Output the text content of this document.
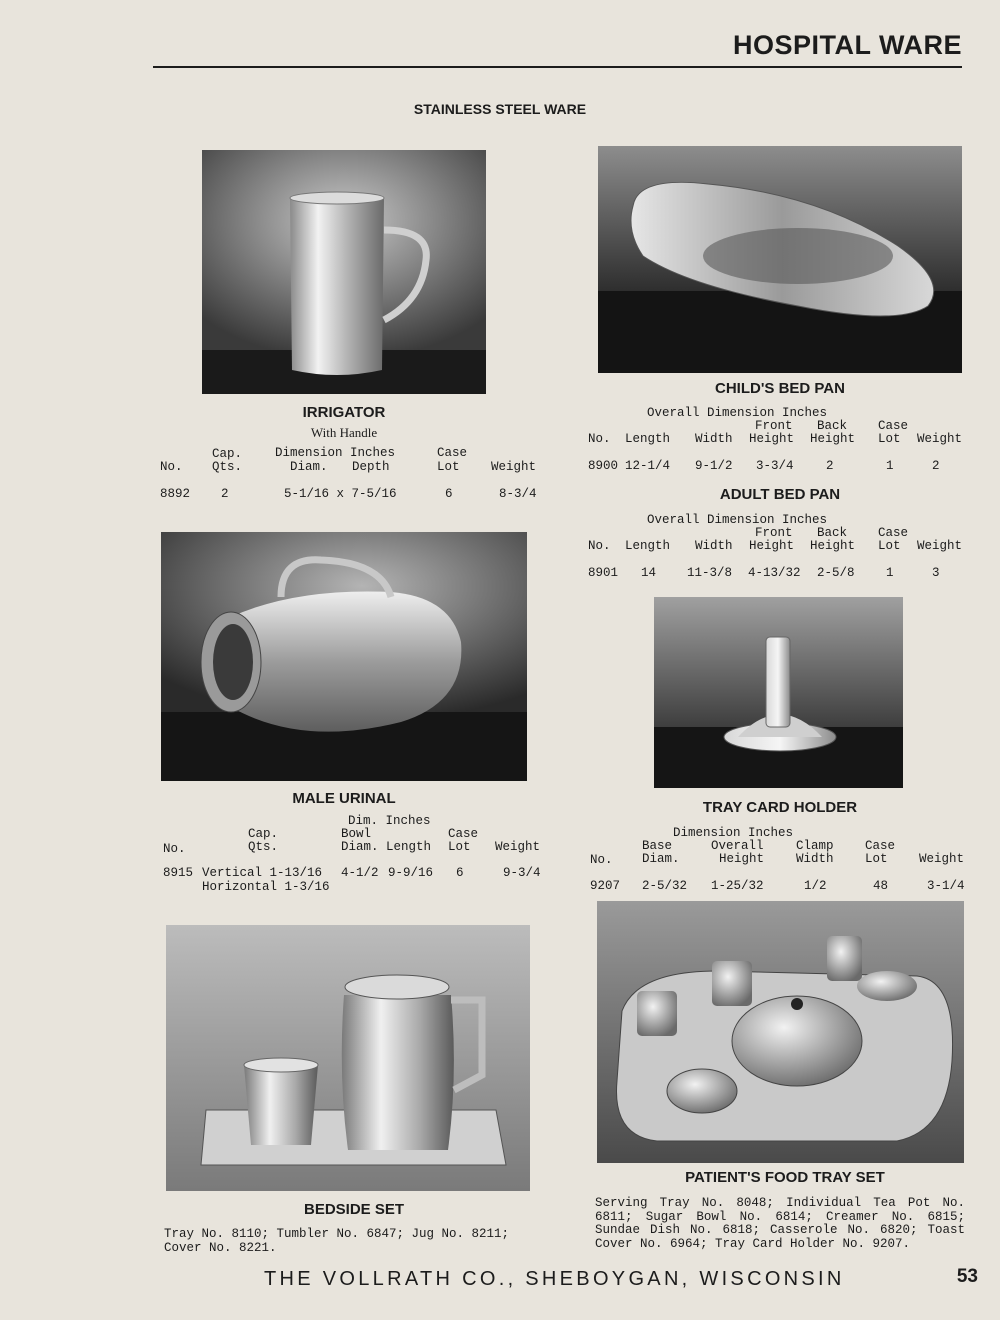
HOSPITAL WARE
STAINLESS STEEL WARE
IRRIGATOR
With Handle
Cap.	Dimension Inches	Case
No. Qts.	Diam. Depth	Lot	Weight
8892 2	5-1/16 x 7-5/16	6	8-3/4
CHILD'S BED PAN
Overall Dimension Inches
Front Back Case
No. Length Width Height Height Lot Weight
8900 12-1/4 9-1/2 3-3/4	2	1	2
ADULT BED PAN
Overall Dimension Inches
Front Back Case
No. Length Width Height Height Lot Weight
8901 14 11-3/8 4-13/32 2-5/8	1	3
MALE URINAL
Dim. Inches
Cap.	Bowl	Case
No.	Qts.	Diam. Length Lot Weight
8915 Vertical 1-13/16 4-1/2 9-9/16 6	9-3/4
Horizontal 1-3/16
TRAY CARD HOLDER
Dimension Inches
Base	Overall	Clamp	Case
No. Diam.	Height	Width	Lot	Weight
9207 2-5/32 1-25/32	1/2	48	3-1/4
BEDSIDE SET
Tray No. 8110; Tumbler No. 6847; Jug No. 8211;
Cover No. 8221.
PATIENT'S FOOD TRAY SET
Serving Tray No. 8048; Individual Tea Pot No. 6811; Sugar Bowl No. 6814; Creamer No. 6815; Sundae Dish No. 6818; Casserole No. 6820; Toast Cover No. 6964; Tray Card Holder No. 9207.
THE VOLLRATH CO., SHEBOYGAN, WISCONSIN	53
